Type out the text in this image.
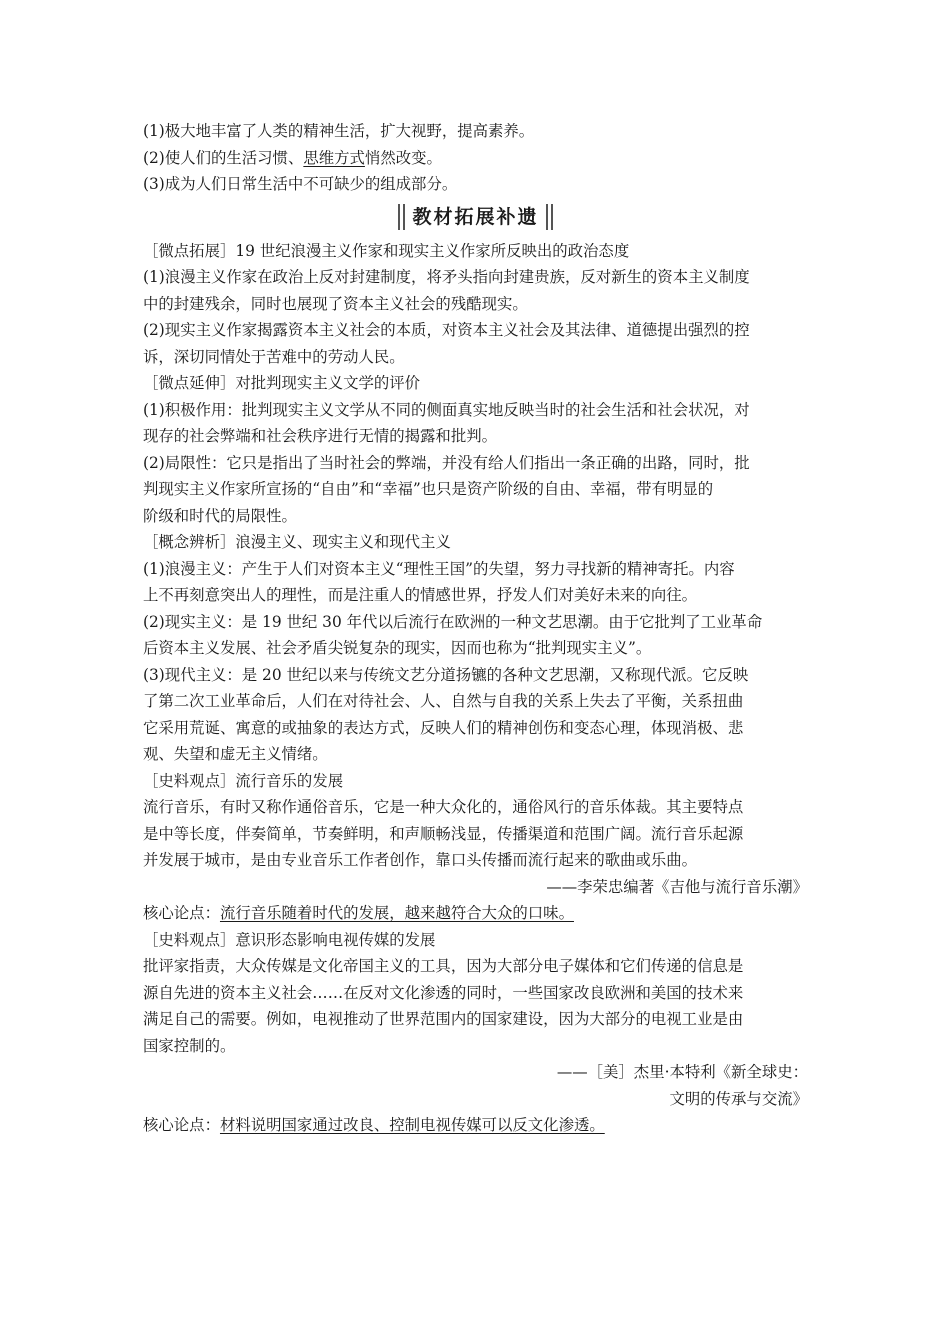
(1)极大地丰富了人类的精神生活，扩大视野，提高素养。
(2)使人们的生活习惯、思维方式悄然改变。
(3)成为人们日常生活中不可缺少的组成部分。
教材拓展补遗
［微点拓展］19 世纪浪漫主义作家和现实主义作家所反映出的政治态度
(1)浪漫主义作家在政治上反对封建制度，将矛头指向封建贵族，反对新生的资本主义制度
中的封建残余，同时也展现了资本主义社会的残酷现实。
(2)现实主义作家揭露资本主义社会的本质，对资本主义社会及其法律、道德提出强烈的控
诉，深切同情处于苦难中的劳动人民。
［微点延伸］对批判现实主义文学的评价
(1)积极作用：批判现实主义文学从不同的侧面真实地反映当时的社会生活和社会状况，对
现存的社会弊端和社会秩序进行无情的揭露和批判。
(2)局限性：它只是指出了当时社会的弊端，并没有给人们指出一条正确的出路，同时，批
判现实主义作家所宣扬的“自由”和“幸福”也只是资产阶级的自由、幸福，带有明显的
阶级和时代的局限性。
［概念辨析］浪漫主义、现实主义和现代主义
(1)浪漫主义：产生于人们对资本主义“理性王国”的失望，努力寻找新的精神寄托。内容
上不再刻意突出人的理性，而是注重人的情感世界，抒发人们对美好未来的向往。
(2)现实主义：是 19 世纪 30 年代以后流行在欧洲的一种文艺思潮。由于它批判了工业革命
后资本主义发展、社会矛盾尖锐复杂的现实，因而也称为“批判现实主义”。
(3)现代主义：是 20 世纪以来与传统文艺分道扬镳的各种文艺思潮，又称现代派。它反映
了第二次工业革命后，人们在对待社会、人、自然与自我的关系上失去了平衡，关系扭曲
它采用荒诞、寓意的或抽象的表达方式，反映人们的精神创伤和变态心理，体现消极、悲
观、失望和虚无主义情绪。
［史料观点］流行音乐的发展
流行音乐，有时又称作通俗音乐，它是一种大众化的，通俗风行的音乐体裁。其主要特点
是中等长度，伴奏简单，节奏鲜明，和声顺畅浅显，传播渠道和范围广阔。流行音乐起源
并发展于城市，是由专业音乐工作者创作，靠口头传播而流行起来的歌曲或乐曲。
——李荣忠编著《吉他与流行音乐潮》
核心论点：流行音乐随着时代的发展，越来越符合大众的口味。
［史料观点］意识形态影响电视传媒的发展
批评家指责，大众传媒是文化帝国主义的工具，因为大部分电子媒体和它们传递的信息是
源自先进的资本主义社会……在反对文化渗透的同时，一些国家改良欧洲和美国的技术来
满足自己的需要。例如，电视推动了世界范围内的国家建设，因为大部分的电视工业是由
国家控制的。
——［美］杰里·本特利《新全球史：
文明的传承与交流》
核心论点：材料说明国家通过改良、控制电视传媒可以反文化渗透。
